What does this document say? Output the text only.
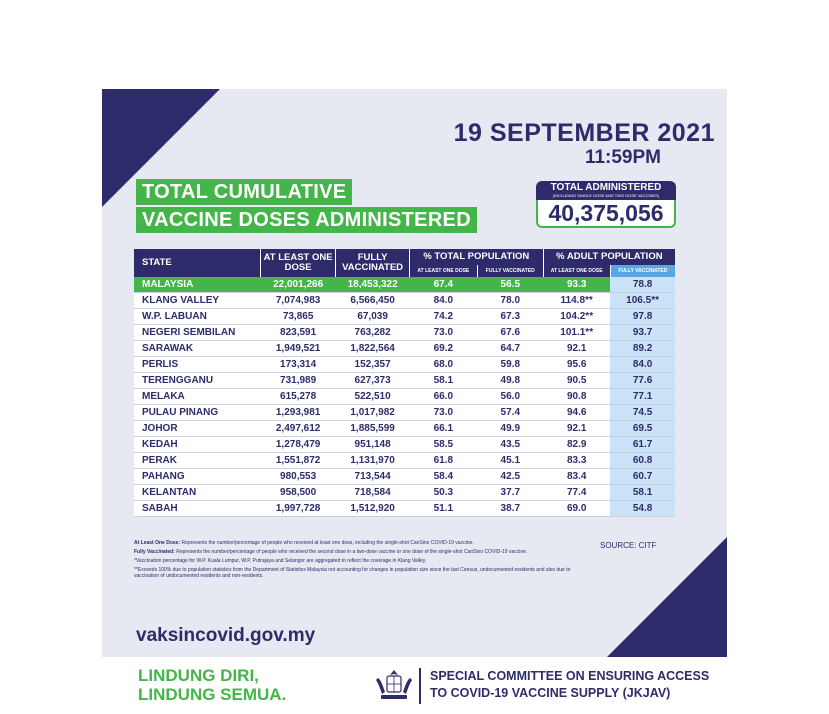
19 SEPTEMBER 2021
11:59PM
TOTAL CUMULATIVE
VACCINE DOSES ADMINISTERED
TOTAL ADMINISTERED
(INCLUDING SINGLE DOSE AND TWO DOSE VACCINES)
40,375,056
STATE	AT LEAST ONE DOSE	FULLY VACCINATED	% TOTAL POPULATION		% ADULT POPULATION	
			AT LEAST ONE DOSE	FULLY VACCINATED	AT LEAST ONE DOSE	FULLY VACCINATED
MALAYSIA	22,001,266	18,453,322	67.4	56.5	93.3	78.8
KLANG VALLEY	7,074,983	6,566,450	84.0	78.0	114.8**	106.5**
W.P. LABUAN	73,865	67,039	74.2	67.3	104.2**	97.8
NEGERI SEMBILAN	823,591	763,282	73.0	67.6	101.1**	93.7
SARAWAK	1,949,521	1,822,564	69.2	64.7	92.1	89.2
PERLIS	173,314	152,357	68.0	59.8	95.6	84.0
TERENGGANU	731,989	627,373	58.1	49.8	90.5	77.6
MELAKA	615,278	522,510	66.0	56.0	90.8	77.1
PULAU PINANG	1,293,981	1,017,982	73.0	57.4	94.6	74.5
JOHOR	2,497,612	1,885,599	66.1	49.9	92.1	69.5
KEDAH	1,278,479	951,148	58.5	43.5	82.9	61.7
PERAK	1,551,872	1,131,970	61.8	45.1	83.3	60.8
PAHANG	980,553	713,544	58.4	42.5	83.4	60.7
KELANTAN	958,500	718,584	50.3	37.7	77.4	58.1
SABAH	1,997,728	1,512,920	51.1	38.7	69.0	54.8

At Least One Dose: Represents the number/percentage of people who received at least one dose, including the single-shot CanSino COVID-19 vaccine.

Fully Vaccinated: Represents the number/percentage of people who received the second dose in a two-dose vaccine or one dose of the single-shot CanSino COVID-19 vaccine.

*Vaccination percentage for W.P. Kuala Lumpur, W.P. Putrajaya and Selangor are aggregated to reflect the coverage in Klang Valley.

**Exceeds 100% due to population statistics from the Department of Statistics Malaysia not accounting for changes in population size since the last Census, undocumented residents and also due to vaccination of undocumented residents and non-residents.

SOURCE: CITF
vaksincovid.gov.my
LINDUNG DIRI,
LINDUNG SEMUA.
SPECIAL COMMITTEE ON ENSURING ACCESS
TO COVID-19 VACCINE SUPPLY (JKJAV)
